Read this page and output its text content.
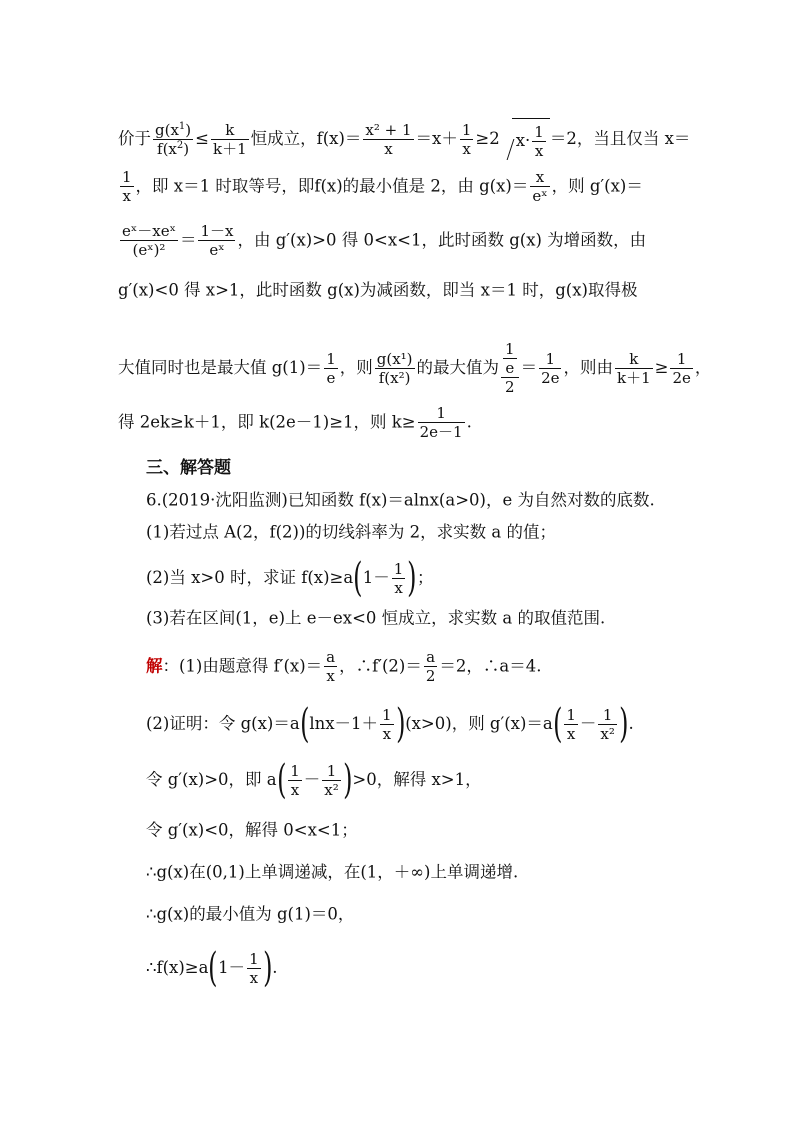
价于 $\frac{g(x^1)}{f(x^2)} \le \frac{k}{k+1}$ 恒成立，$f(x)= \frac{\text{x² + 1}}{x} =x+ \frac{1}{x} \ge 2$ $x\cdot \frac{1}{x} =2$，当且仅当 x＝
$\frac{1}{x}$ ，即 x＝1 时取等号，即f(x)的最小值是 2，由 $g(x)= \frac{x}{\text{eˣ}}$ ，则 g′(x)＝
$\frac{\text{eˣ－xeˣ}}{\text{(eˣ)²}} = \frac{1-x}{\text{eˣ}}$ ，由 g′(x)>0 得 0<x<1，此时函数 g(x) 为增函数，由
g′(x)<0 得 x>1，此时函数 g(x)为减函数，即当 x＝1 时，g(x)取得极
大值同时也是最大值 $g(1)= \frac{1}{e}$ ，则 $\frac{\text{g(x¹)}}{\text{f(x²)}}$ 的最大值为 $\frac{\frac{1}{e}}{2} = \frac{1}{2e}$ ，则由 $\frac{k}{k+1} \ge \frac{1}{2e}$ ，
得 2ek≥k＋1，即 k(2e－1)≥1，则 $k\ge \frac{1}{2e-1}$ .
三、解答题
6.(2019·沈阳监测)已知函数 f(x)＝alnx(a>0)，e 为自然对数的底数.
(1)若过点 A(2，f(2))的切线斜率为 2，求实数 a 的值；
(2)当 x>0 时，求证 $f(x)\ge a(1- \frac{1}{x}$ )；
(3)若在区间(1，e)上 e－ex<0 恒成立，求实数 a 的取值范围.
解：(1)由题意得 $f'(x)= \frac{a}{x}$ ，∴f′(2)＝ $\frac{a}{2} =2$，∴a＝4.
(2)证明：令 $g(x)=a(\ln x-1+ \frac{1}{x} )(x>0)$，则 $g'(x)=a( \frac{1}{x} - \frac{1}{\text{x²}}$ ).
令 g′(x)>0，即 $a( \frac{1}{x} - \frac{1}{\text{x²}} )>0$，解得 x>1，
令 g′(x)<0，解得 0<x<1；
∴g(x)在(0,1)上单调递减，在(1，＋∞)上单调递增.
∴g(x)的最小值为 g(1)＝0，
∴f(x)≥a(1－ $\frac{1}{x}$ ).
